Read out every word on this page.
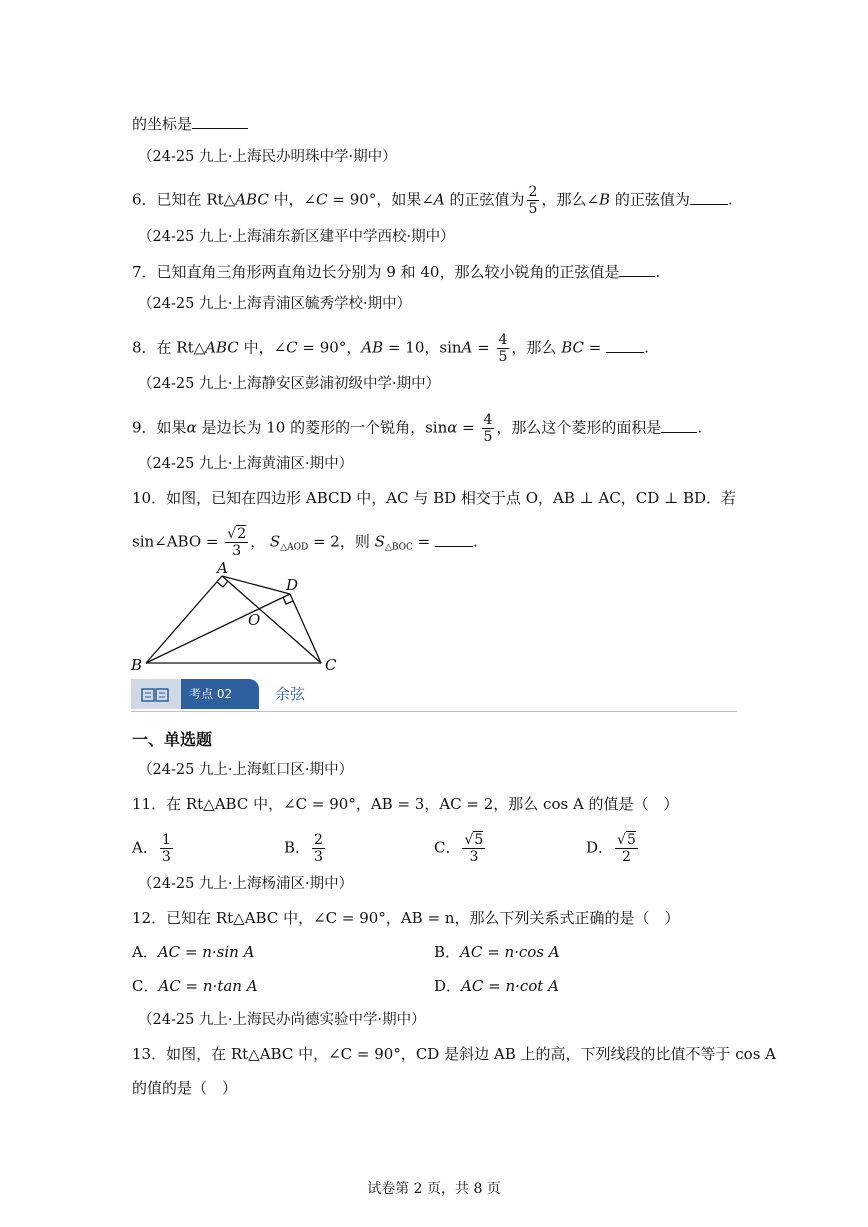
的坐标是
（24-25 九上·上海民办明珠中学·期中）
6．已知在 Rt△ABC 中，∠C = 90°，如果∠A 的正弦值为 $\frac{2}{5}$ ，那么∠B 的正弦值为	.
（24-25 九上·上海浦东新区建平中学西校·期中）
7．已知直角三角形两直角边长分别为 9 和 40，那么较小锐角的正弦值是 .
（24-25 九上·上海青浦区毓秀学校·期中）
8．在 Rt△ABC 中，∠C = 90°，AB = 10，$\sin A = \frac{4}{5}$ ，那么 BC =	.
（24-25 九上·上海静安区彭浦初级中学·期中）
9．如果α 是边长为 10 的菱形的一个锐角，$\sin\alpha = \frac{4}{5}$ ，那么这个菱形的面积是 .
（24-25 九上·上海黄浦区·期中）
10．如图，已知在四边形 ABCD 中，AC 与 BD 相交于点 O，AB ⊥ AC，CD ⊥ BD．若
sin∠ABO = $\frac{√2}{3}$ ， $S_{\triangle AOD} = 2$，则 $S_{\triangle BOC}$ =	.
A
B	C
D
O
考点 02	余弦
一、单选题
（24-25 九上·上海虹口区·期中）
11．在 Rt△ABC 中，∠C = 90°，AB = 3，AC = 2，那么 cos A 的值是（　）
A． $\frac{1}{3}$	B． $\frac{2}{3}$	C． $\frac{√5}{3}$	D． $\frac{√5}{2}$
（24-25 九上·上海杨浦区·期中）
12．已知在 Rt△ABC 中，∠C = 90°，AB = n，那么下列关系式正确的是（　）
A．AC = n·sin A	B．AC = n·cos A
C．AC = n·tan A	D．AC = n·cot A
（24-25 九上·上海民办尚德实验中学·期中）
13．如图，在 Rt△ABC 中，∠C = 90°，CD 是斜边 AB 上的高，下列线段的比值不等于 cos A
的值的是（　）
试卷第 2 页，共 8 页
